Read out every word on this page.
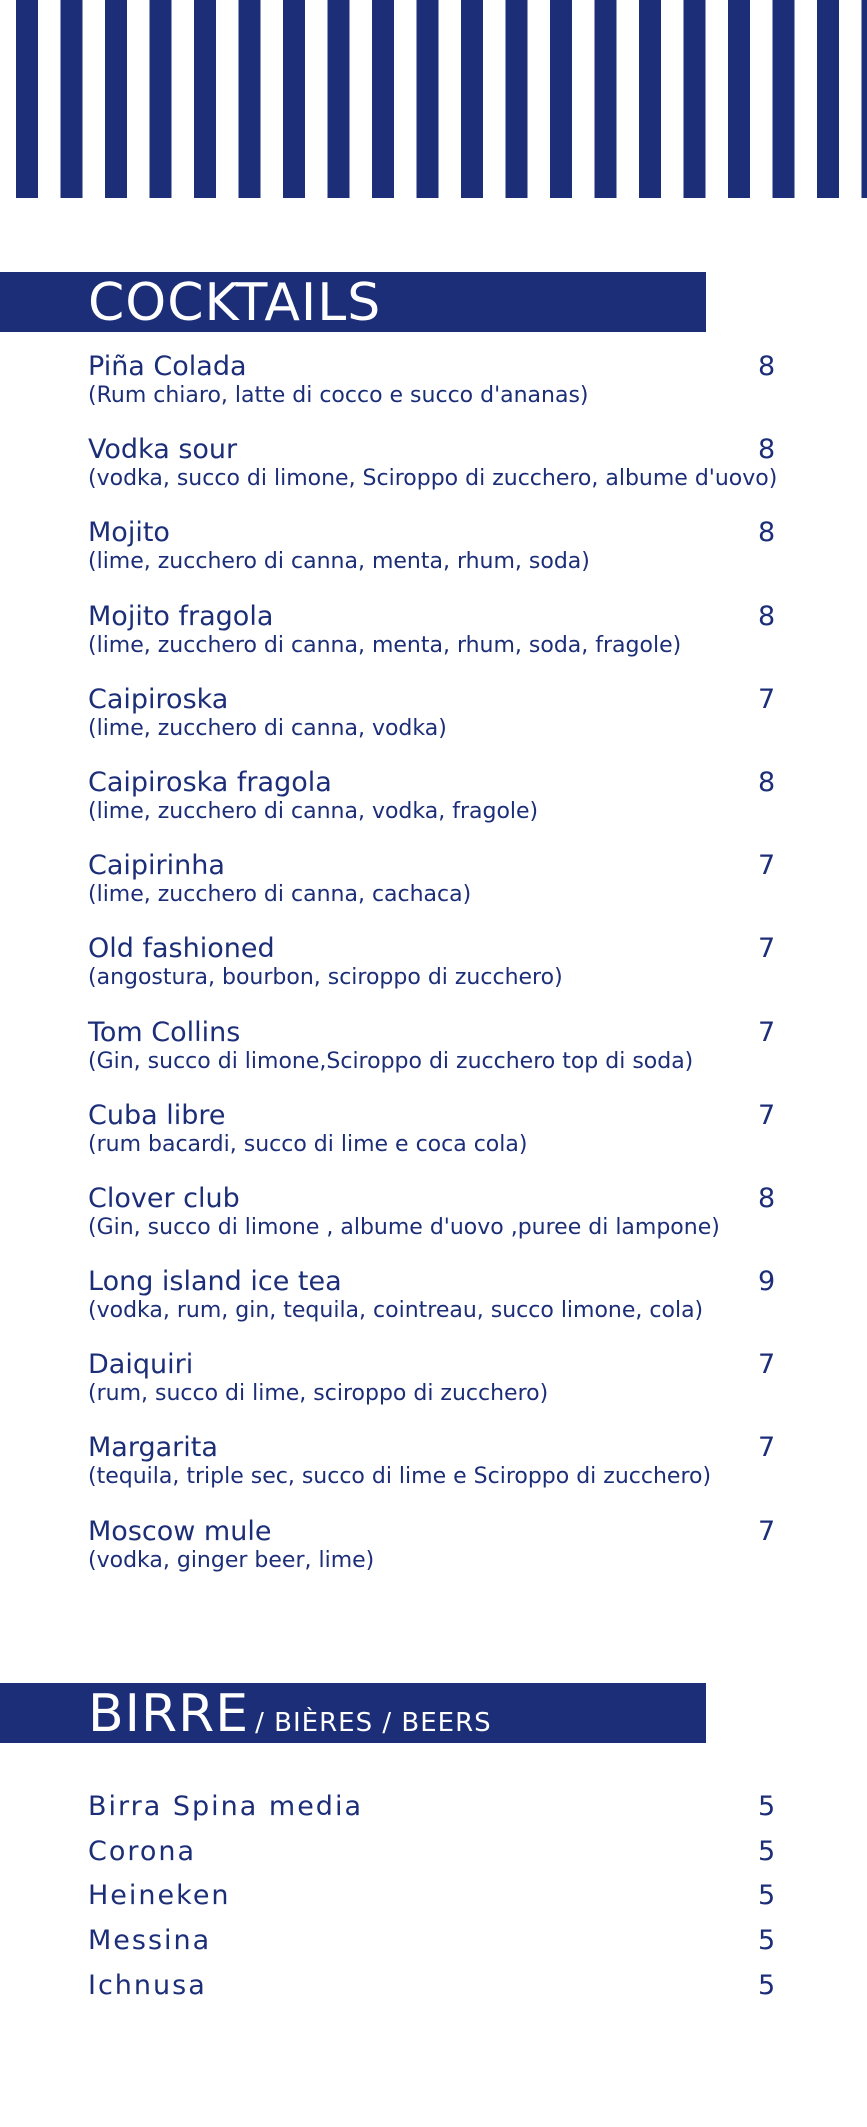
COCKTAILS
Piña Colada	8
(Rum chiaro, latte di cocco e succo d'ananas)
Vodka sour	8
(vodka, succo di limone, Sciroppo di zucchero, albume d'uovo)
Mojito	8
(lime, zucchero di canna, menta, rhum, soda)
Mojito fragola	8
(lime, zucchero di canna, menta, rhum, soda, fragole)
Caipiroska	7
(lime, zucchero di canna, vodka)
Caipiroska fragola	8
(lime, zucchero di canna, vodka, fragole)
Caipirinha	7
(lime, zucchero di canna, cachaca)
Old fashioned	7
(angostura, bourbon, sciroppo di zucchero)
Tom Collins	7
(Gin, succo di limone,Sciroppo di zucchero top di soda)
Cuba libre	7
(rum bacardi, succo di lime e coca cola)
Clover club	8
(Gin, succo di limone , albume d'uovo ,puree di lampone)
Long island ice tea	9
(vodka, rum, gin, tequila, cointreau, succo limone, cola)
Daiquiri	7
(rum, succo di lime, sciroppo di zucchero)
Margarita	7
(tequila, triple sec, succo di lime e Sciroppo di zucchero)
Moscow mule	7
(vodka, ginger beer, lime)
BIRRE / BIÈRES / BEERS
Birra Spina media	5
Corona	5
Heineken	5
Messina	5
Ichnusa	5
